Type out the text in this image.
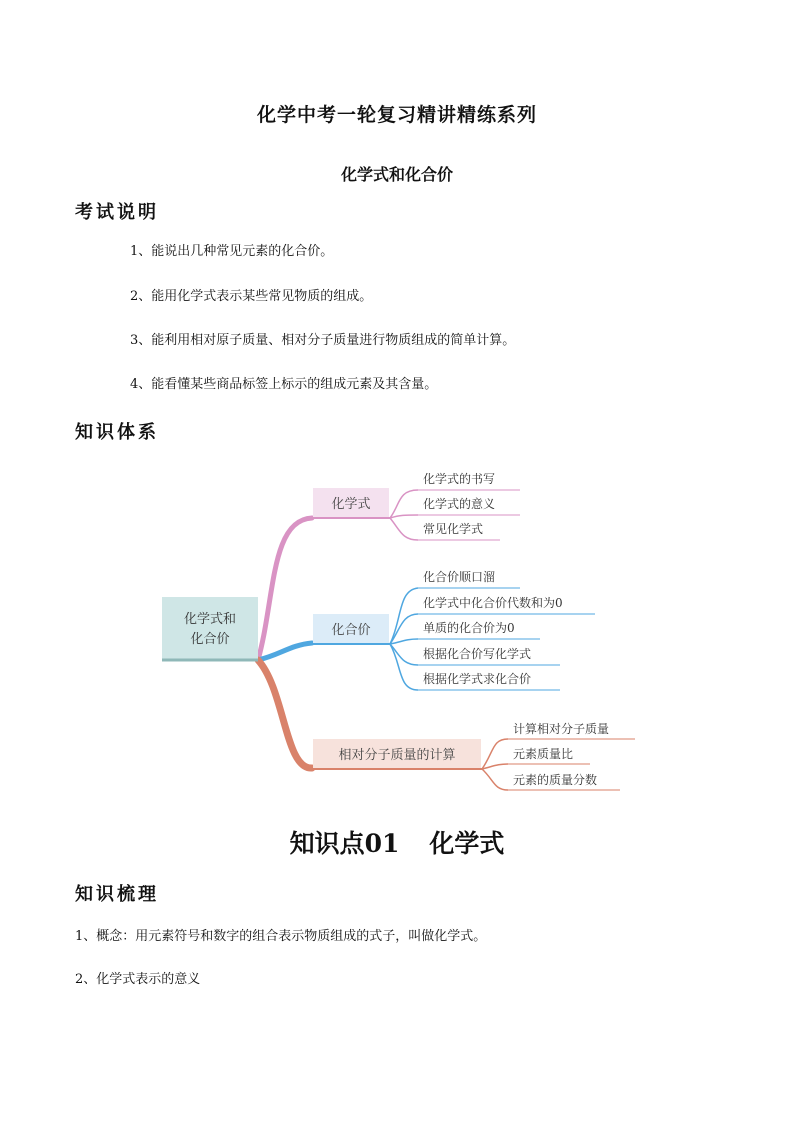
化学中考一轮复习精讲精练系列
化学式和化合价
考试说明
1、能说出几种常见元素的化合价。
2、能用化学式表示某些常见物质的组成。
3、能利用相对原子质量、相对分子质量进行物质组成的简单计算。
4、能看懂某些商品标签上标示的组成元素及其含量。
知识体系
化学式和
化合价
化学式
化学式的书写
化学式的意义
常见化学式
化合价
化合价顺口溜
化学式中化合价代数和为0
单质的化合价为0
根据化合价写化学式
根据化学式求化合价
相对分子质量的计算
计算相对分子质量
元素质量比
元素的质量分数
知识点01 化学式
知识梳理
1、概念：用元素符号和数字的组合表示物质组成的式子，叫做化学式。
2、化学式表示的意义
